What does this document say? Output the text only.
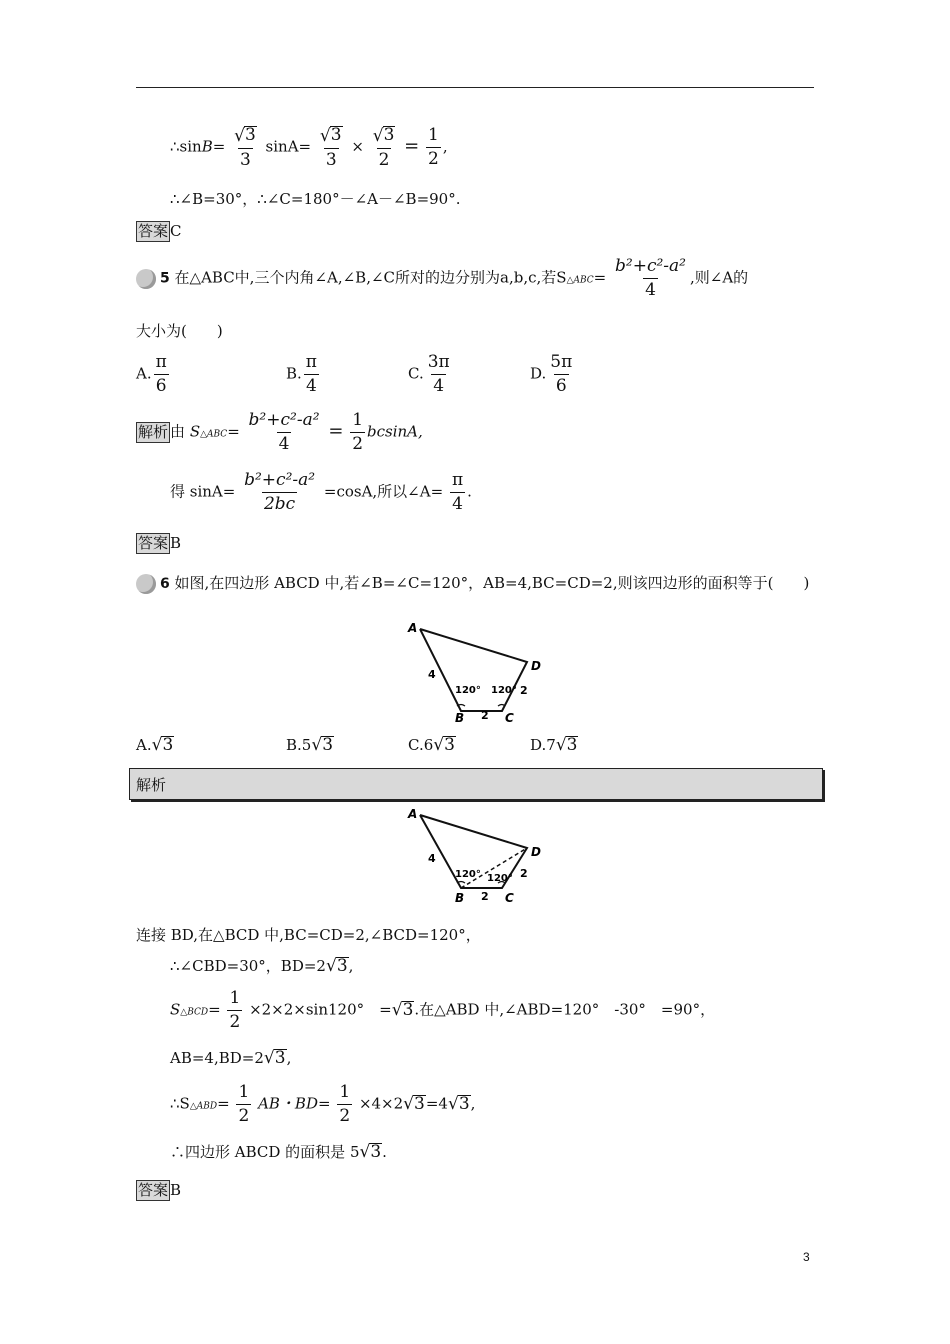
∴sinB= $\frac{√ 3}{3} \sin A= \frac{√ 3}{3} \times \frac{√ 3}{2} = \frac{1}{2}$ ,
∴∠B=30°，∴∠C=180°－∠A－∠B=90°.
答案 C
5 在△ABC中,三个内角∠A,∠B,∠C所对的边分别为a,b,c,若S△ABC= $\frac{\text{b²+c²-a²}}{4}$ ,则∠A的
大小为(　　)
A. $\frac{\pi}{6}$	B. $\frac{\pi}{4}$	C. $\frac{3\pi}{4}$	D. $\frac{5\pi}{6}$
解析 由 S△ABC= $\frac{\text{b²+c²-a²}}{4} = \frac{1}{2} bcsinA$,
得 $\sin A= \frac{\text{b²+c²-a²}}{2bc} =\cos A$,所以∠A= $\frac{\pi}{4}$ .
答案 B
6 如图,在四边形 ABCD 中,若∠B=∠C=120°，AB=4,BC=CD=2,则该四边形的面积等于(　　)
A
B	C
D
4
2
2
120° 120°
A. √ 3	B.5 √ 3	C.6 √ 3	D.7 √ 3
解析
A
B	C
D
4
2
2
120° 120°
连接 BD,在△BCD 中,BC=CD=2,∠BCD=120°，
∴∠CBD=30°，BD=2 √ 3 ,
S△BCD= $\frac{1}{2} \times 2\times 2\times\sin 120^\circ$　= √ 3 .在△ABD 中,∠ABD=120°　-30°　=90°，
AB=4,BD=2 √ 3 ,
∴S△ABD= $\frac{1}{2}$ AB・$BD= \frac{1}{2} \times 4\times 2$ √ 3 =4 √ 3 ,
∴四边形 ABCD 的面积是 5 √ 3 .
答案 B
3
